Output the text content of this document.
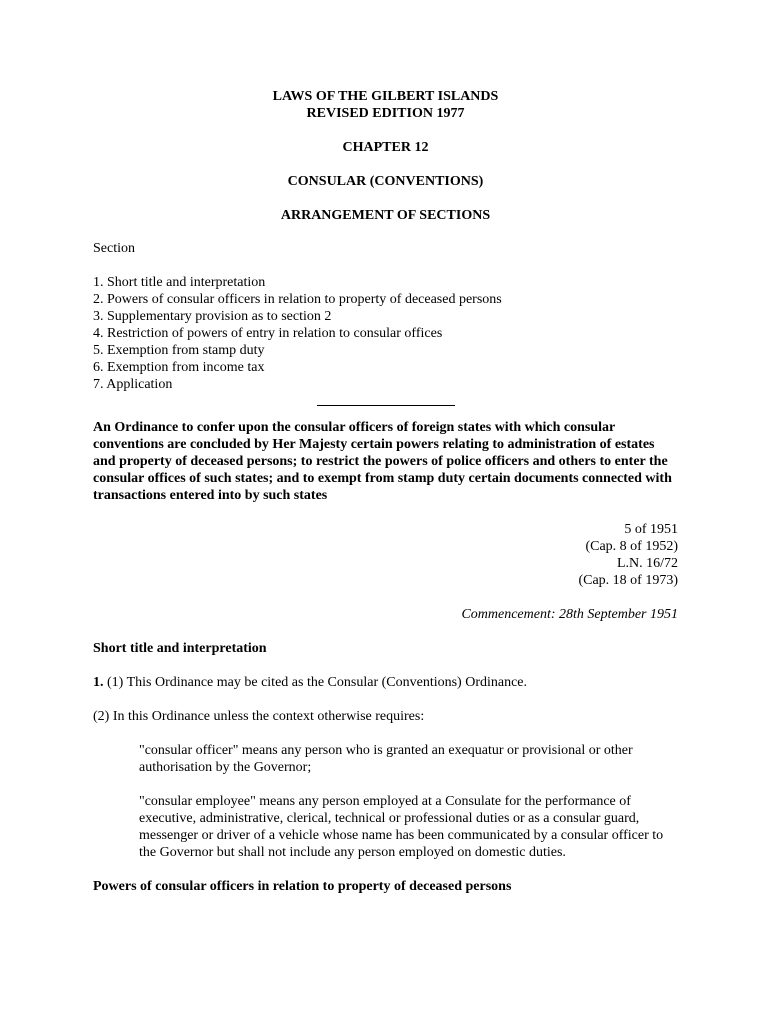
LAWS OF THE GILBERT ISLANDS
REVISED EDITION 1977
CHAPTER 12
CONSULAR (CONVENTIONS)
ARRANGEMENT OF SECTIONS
Section
1. Short title and interpretation
2. Powers of consular officers in relation to property of deceased persons
3. Supplementary provision as to section 2
4. Restriction of powers of entry in relation to consular offices
5. Exemption from stamp duty
6. Exemption from income tax
7. Application
An Ordinance to confer upon the consular officers of foreign states with which consular conventions are concluded by Her Majesty certain powers relating to administration of estates and property of deceased persons; to restrict the powers of police officers and others to enter the consular offices of such states; and to exempt from stamp duty certain documents connected with transactions entered into by such states
5 of 1951
(Cap. 8 of 1952)
L.N. 16/72
(Cap. 18 of 1973)
Commencement: 28th September 1951
Short title and interpretation
1. (1) This Ordinance may be cited as the Consular (Conventions) Ordinance.
(2) In this Ordinance unless the context otherwise requires:
"consular officer" means any person who is granted an exequatur or provisional or other authorisation by the Governor;
"consular employee" means any person employed at a Consulate for the performance of executive, administrative, clerical, technical or professional duties or as a consular guard, messenger or driver of a vehicle whose name has been communicated by a consular officer to the Governor but shall not include any person employed on domestic duties.
Powers of consular officers in relation to property of deceased persons
